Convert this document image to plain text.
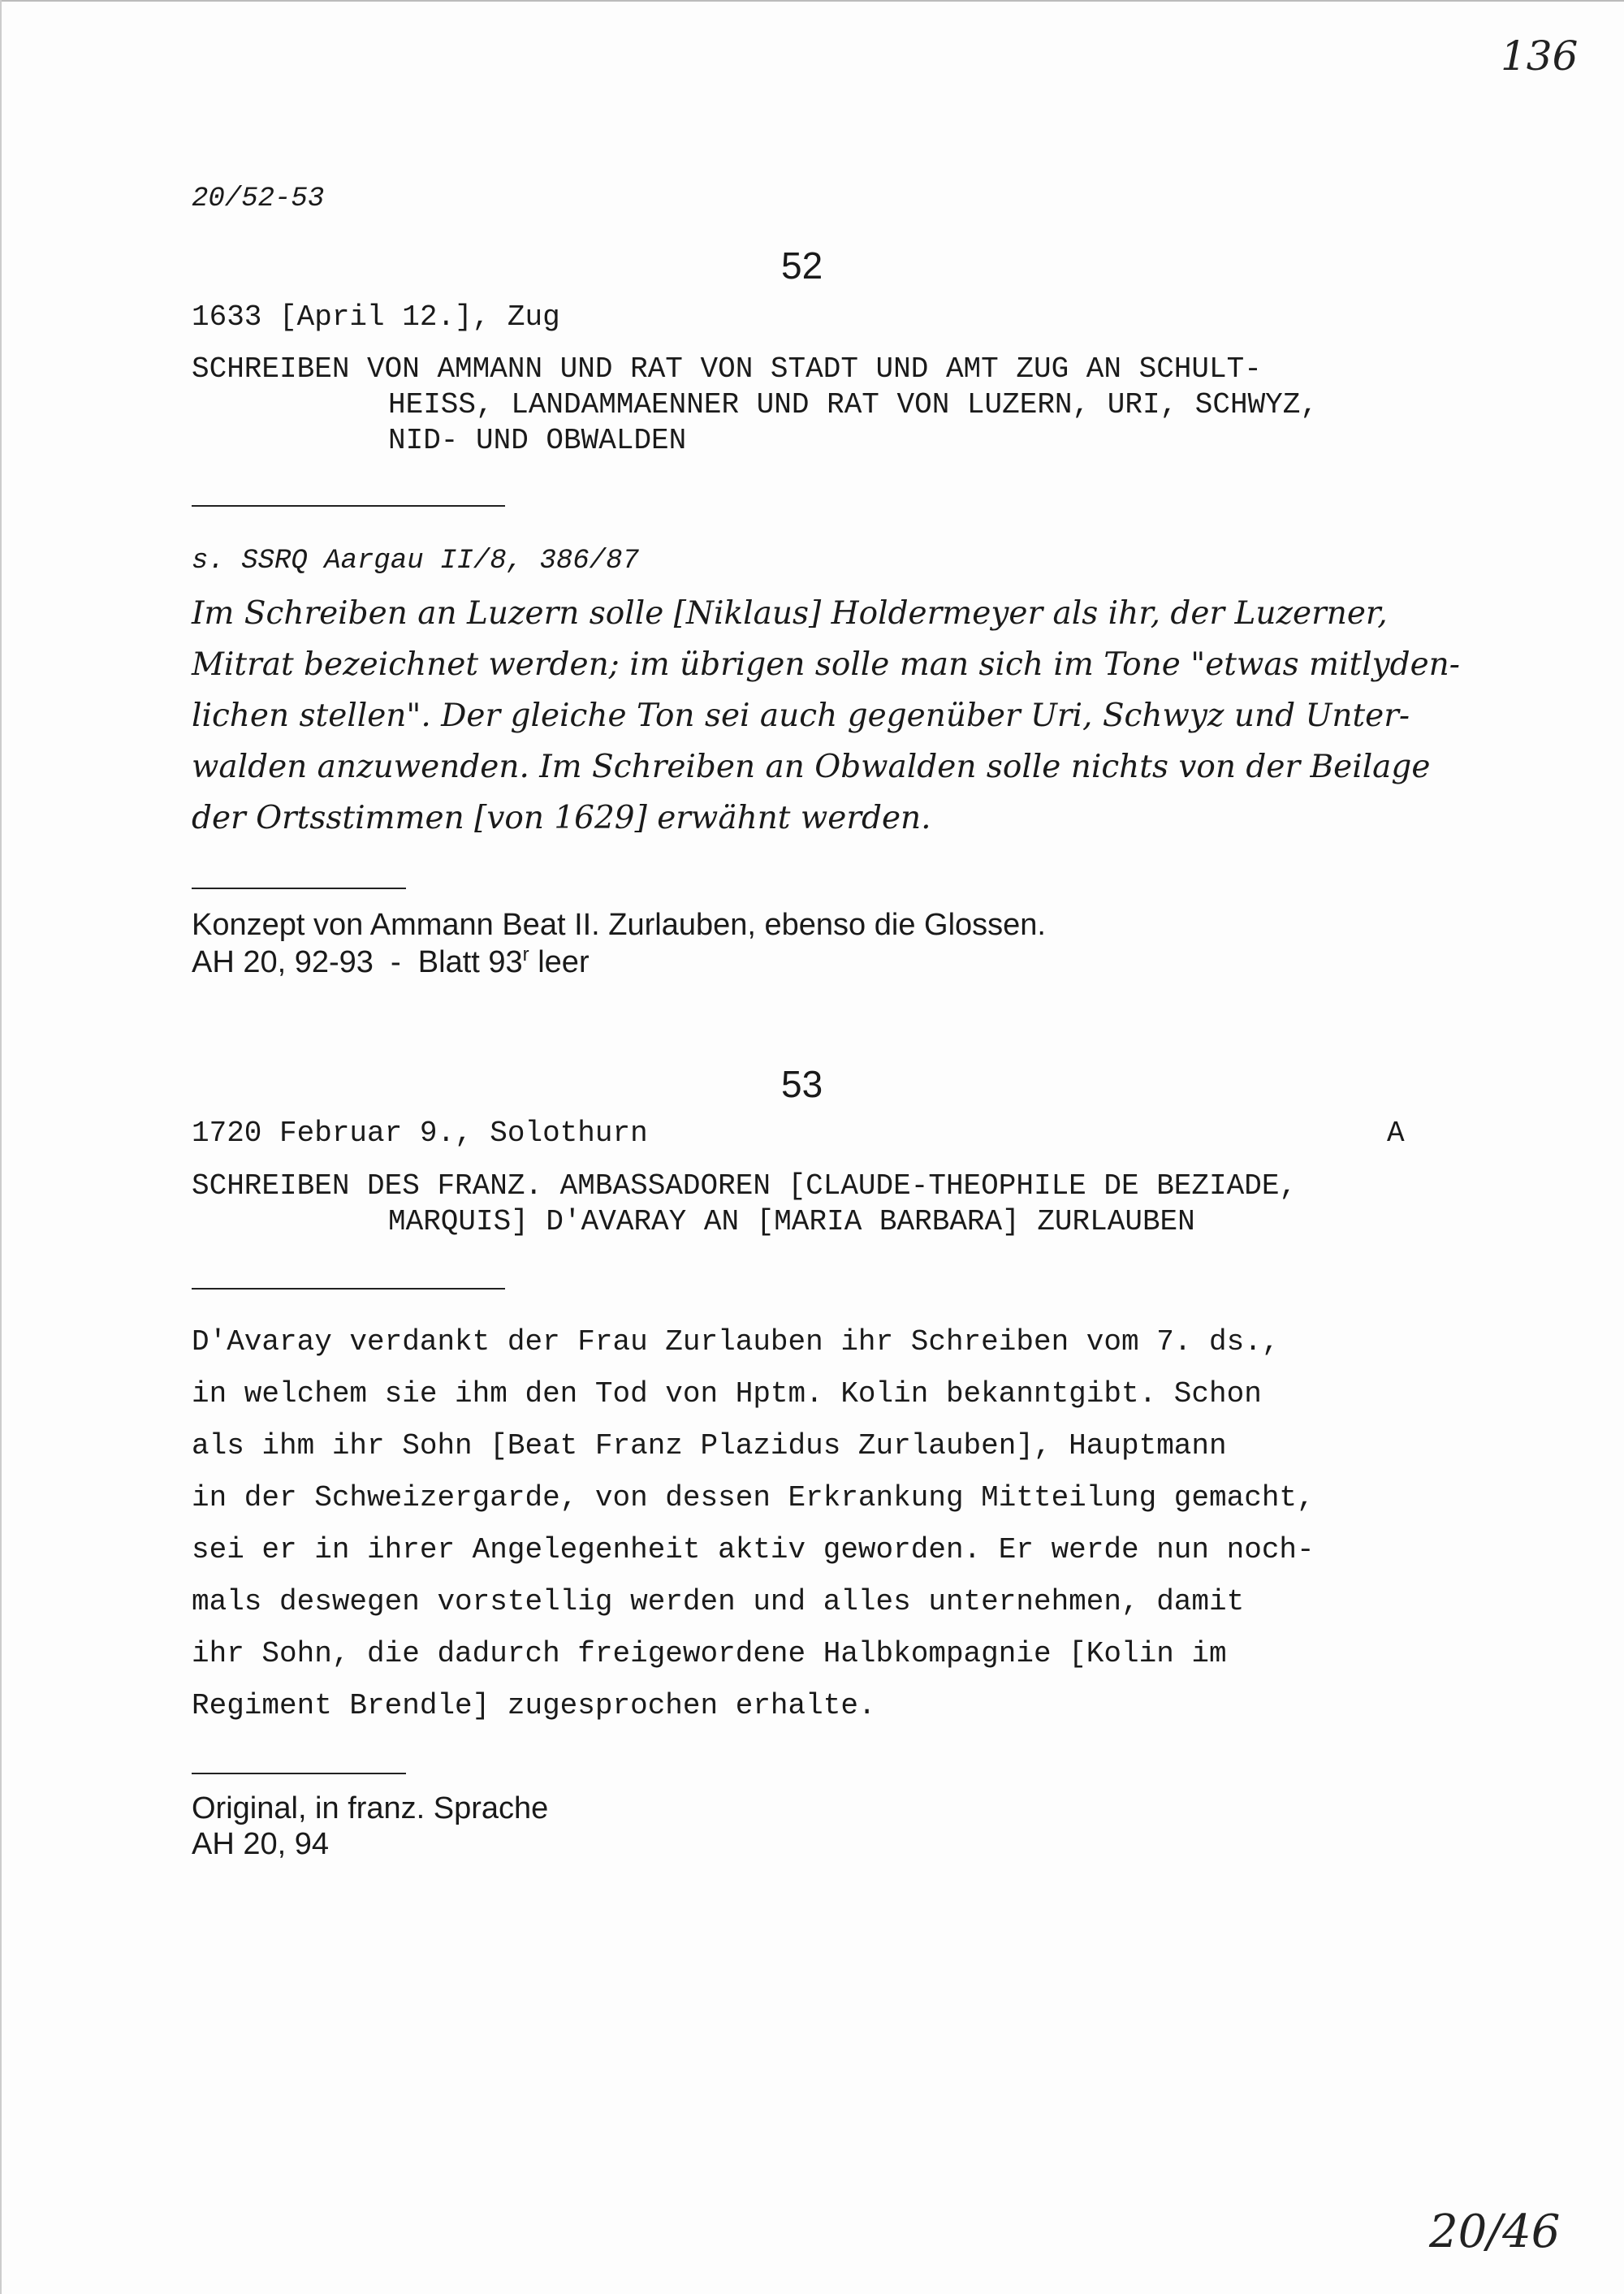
136
20/52-53
52
1633 [April 12.], Zug
SCHREIBEN VON AMMANN UND RAT VON STADT UND AMT ZUG AN SCHULT-
HEISS, LANDAMMAENNER UND RAT VON LUZERN, URI, SCHWYZ,
NID- UND OBWALDEN
s. SSRQ Aargau II/8, 386/87
Im Schreiben an Luzern solle [Niklaus] Holdermeyer als ihr, der Luzerner,
Mitrat bezeichnet werden; im übrigen solle man sich im Tone "etwas mitlyden-
lichen stellen". Der gleiche Ton sei auch gegenüber Uri, Schwyz und Unter-
walden anzuwenden. Im Schreiben an Obwalden solle nichts von der Beilage
der Ortsstimmen [von 1629] erwähnt werden.
Konzept von Ammann Beat II. Zurlauben, ebenso die Glossen.
AH 20, 92-93  -  Blatt 93$^r$ leer
53
1720 Februar 9., Solothurn	A
SCHREIBEN DES FRANZ. AMBASSADOREN [CLAUDE-THEOPHILE DE BEZIADE,
MARQUIS] D'AVARAY AN [MARIA BARBARA] ZURLAUBEN
D'Avaray verdankt der Frau Zurlauben ihr Schreiben vom 7. ds.,
in welchem sie ihm den Tod von Hptm. Kolin bekanntgibt. Schon
als ihm ihr Sohn [Beat Franz Plazidus Zurlauben], Hauptmann
in der Schweizergarde, von dessen Erkrankung Mitteilung gemacht,
sei er in ihrer Angelegenheit aktiv geworden. Er werde nun noch-
mals deswegen vorstellig werden und alles unternehmen, damit
ihr Sohn, die dadurch freigewordene Halbkompagnie [Kolin im
Regiment Brendle] zugesprochen erhalte.
Original, in franz. Sprache
AH 20, 94
20/46
